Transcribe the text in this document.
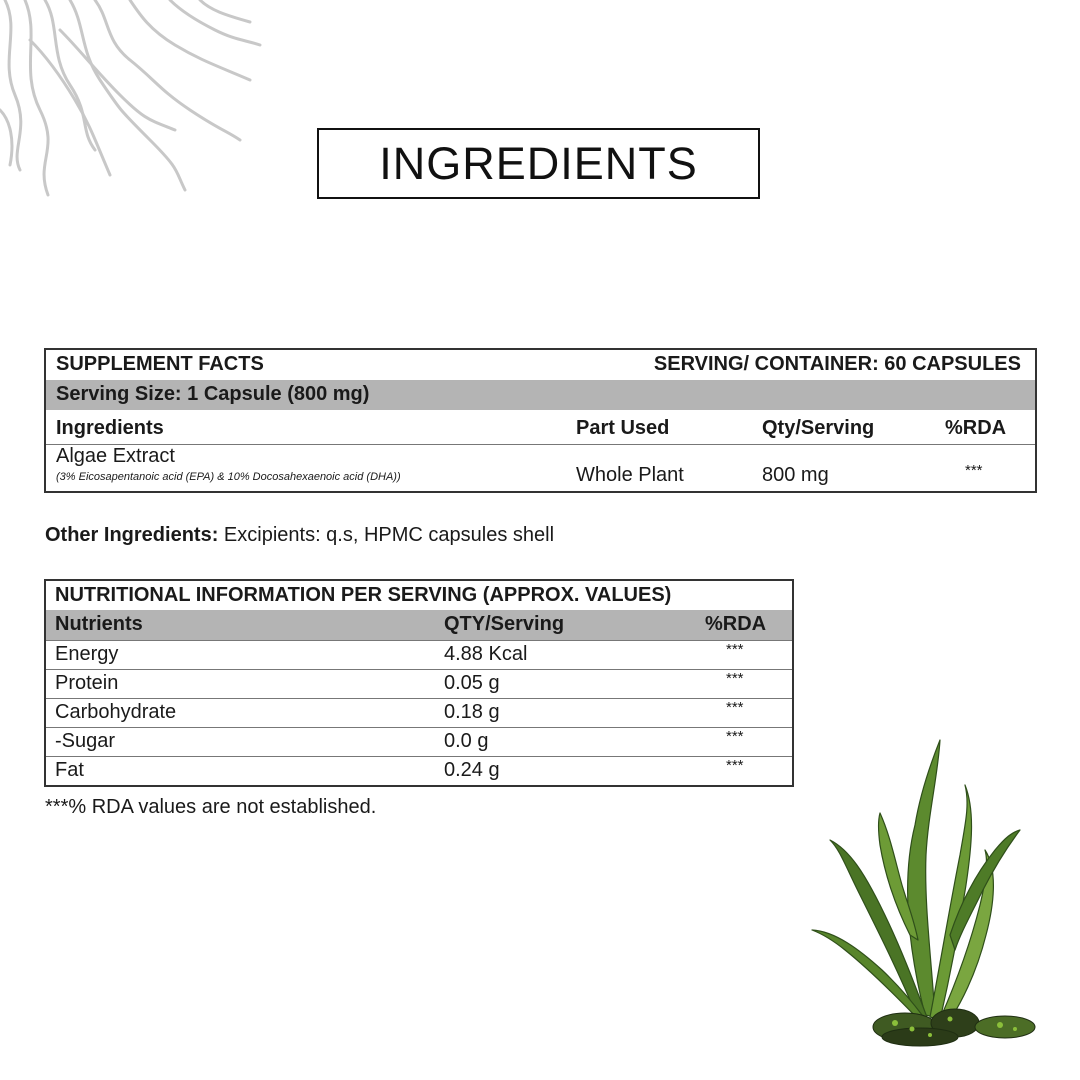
INGREDIENTS
SUPPLEMENT FACTS	SERVING/ CONTAINER: 60 CAPSULES
Serving Size: 1 Capsule (800 mg)
Ingredients	Part Used	Qty/Serving	%RDA
Algae Extract
(3% Eicosapentanoic acid (EPA) & 10% Docosahexaenoic acid (DHA))	Whole Plant	800 mg	***
Other Ingredients: Excipients: q.s, HPMC capsules shell
NUTRITIONAL INFORMATION PER SERVING (APPROX. VALUES)
Nutrients	QTY/Serving	%RDA
Energy	4.88 Kcal	***
Protein	0.05 g	***
Carbohydrate	0.18 g	***
-Sugar	0.0 g	***
Fat	0.24 g	***
***% RDA values are not established.
